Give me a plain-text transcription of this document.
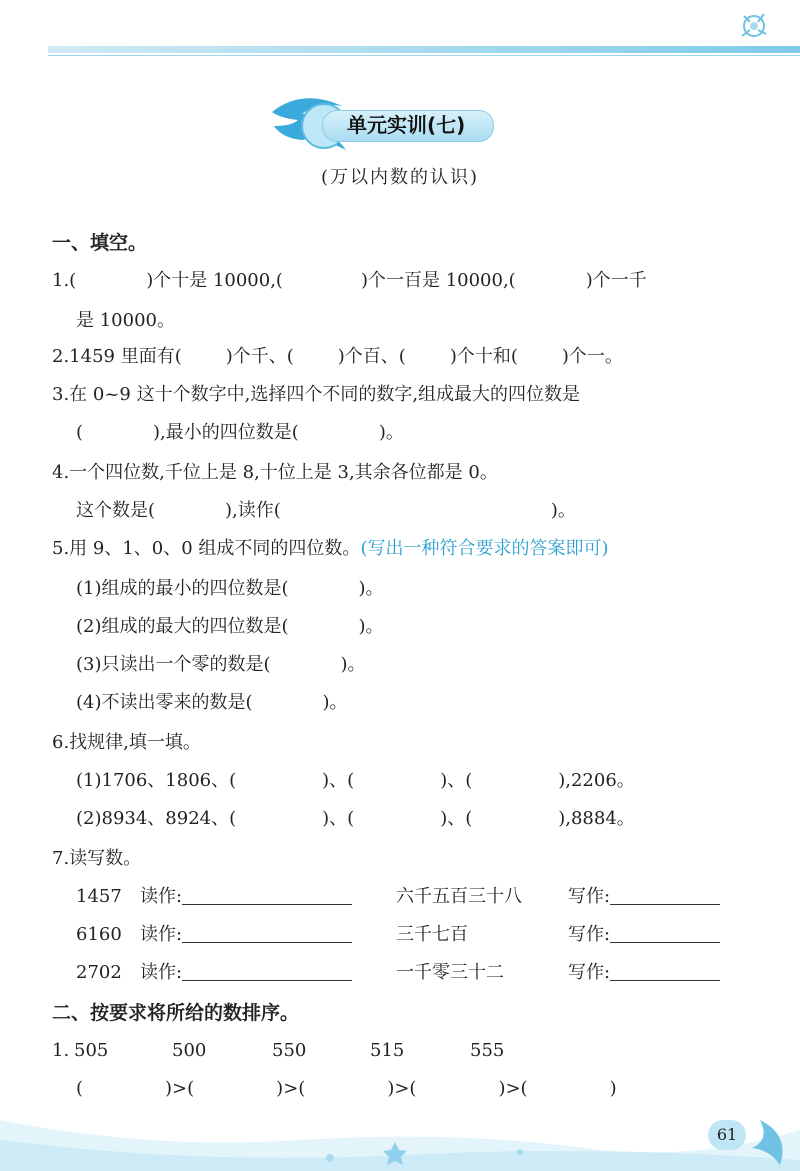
单元实训(七)
(万以内数的认识)
一、填空。
1.(	)个十是 10000,(	)个一百是 10000,(	)个一千
是 10000。
2.1459 里面有( )个千、( )个百、( )个十和( )个一。
3.在 0~9 这十个数字中,选择四个不同的数字,组成最大的四位数是
(	),最小的四位数是(	)。
4.一个四位数,千位上是 8,十位上是 3,其余各位都是 0。
这个数是(	),读作(	)。
5.用 9、1、0、0 组成不同的四位数。(写出一种符合要求的答案即可)
(1)组成的最小的四位数是(	)。
(2)组成的最大的四位数是(	)。
(3)只读出一个零的数是(	)。
(4)不读出零来的数是(	)。
6.找规律,填一填。
(1)1706、1806、(	)、(	)、(	),2206。
(2)8934、8924、(	)、(	)、(	),8884。
7.读写数。
1457 读作:	六千五百三十八	写作:
6160 读作:	三千七百	写作:
2702 读作:	一千零三十二	写作:
二、按要求将所给的数排序。
1. 505	500	550	515	555
(	)>(	)>(	)>(	)>(	)
61
